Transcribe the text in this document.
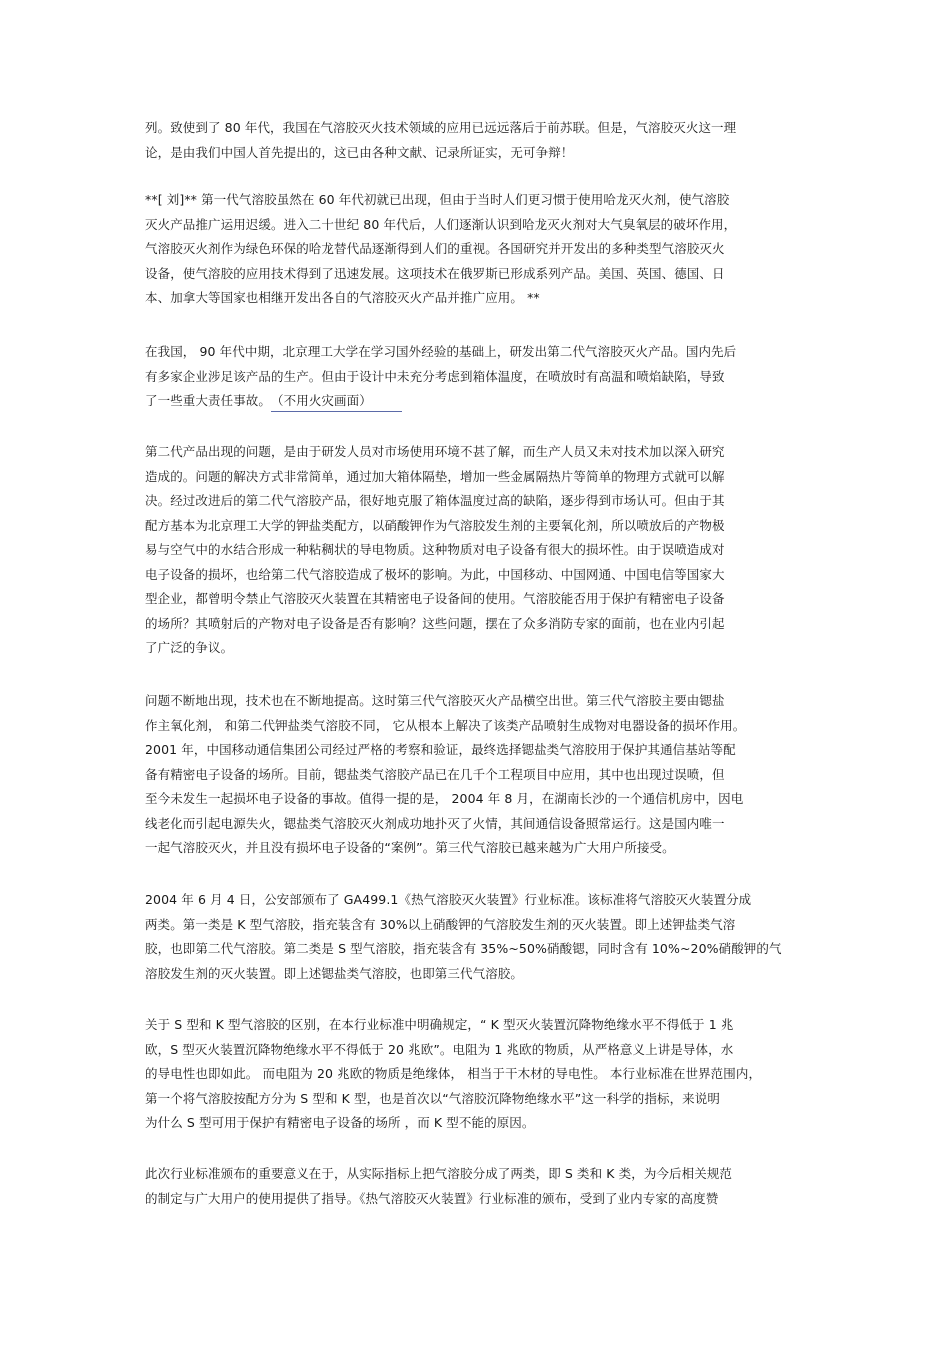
列。致使到了 80 年代，我国在气溶胶灭火技术领域的应用已远远落后于前苏联。但是，气溶胶灭火这一理
论，是由我们中国人首先提出的，这已由各种文献、记录所证实，无可争辩！
**[ 刘]** 第一代气溶胶虽然在 60 年代初就已出现，但由于当时人们更习惯于使用哈龙灭火剂，使气溶胶
灭火产品推广运用迟缓。进入二十世纪 80 年代后，人们逐渐认识到哈龙灭火剂对大气臭氧层的破坏作用，
气溶胶灭火剂作为绿色环保的哈龙替代品逐渐得到人们的重视。各国研究并开发出的多种类型气溶胶灭火
设备，使气溶胶的应用技术得到了迅速发展。这项技术在俄罗斯已形成系列产品。美国、英国、德国、日
本、加拿大等国家也相继开发出各自的气溶胶灭火产品并推广应用。 **
在我国， 90 年代中期，北京理工大学在学习国外经验的基础上，研发出第二代气溶胶灭火产品。国内先后
有多家企业涉足该产品的生产。但由于设计中未充分考虑到箱体温度，在喷放时有高温和喷焰缺陷，导致
了一些重大责任事故。（不用火灾画面）
第二代产品出现的问题，是由于研发人员对市场使用环境不甚了解，而生产人员又未对技术加以深入研究
造成的。问题的解决方式非常简单，通过加大箱体隔垫，增加一些金属隔热片等简单的物理方式就可以解
决。经过改进后的第二代气溶胶产品，很好地克服了箱体温度过高的缺陷，逐步得到市场认可。但由于其
配方基本为北京理工大学的钾盐类配方，以硝酸钾作为气溶胶发生剂的主要氧化剂，所以喷放后的产物极
易与空气中的水结合形成一种粘稠状的导电物质。这种物质对电子设备有很大的损坏性。由于误喷造成对
电子设备的损坏，也给第二代气溶胶造成了极坏的影响。为此，中国移动、中国网通、中国电信等国家大
型企业，都曾明令禁止气溶胶灭火装置在其精密电子设备间的使用。气溶胶能否用于保护有精密电子设备
的场所？其喷射后的产物对电子设备是否有影响？这些问题，摆在了众多消防专家的面前，也在业内引起
了广泛的争议。
问题不断地出现，技术也在不断地提高。这时第三代气溶胶灭火产品横空出世。第三代气溶胶主要由锶盐
作主氧化剂， 和第二代钾盐类气溶胶不同， 它从根本上解决了该类产品喷射生成物对电器设备的损坏作用。
2001 年，中国移动通信集团公司经过严格的考察和验证，最终选择锶盐类气溶胶用于保护其通信基站等配
备有精密电子设备的场所。目前，锶盐类气溶胶产品已在几千个工程项目中应用，其中也出现过误喷，但
至今未发生一起损坏电子设备的事故。值得一提的是， 2004 年 8 月，在湖南长沙的一个通信机房中，因电
线老化而引起电源失火，锶盐类气溶胶灭火剂成功地扑灭了火情，其间通信设备照常运行。这是国内唯一
一起气溶胶灭火，并且没有损坏电子设备的“案例”。第三代气溶胶已越来越为广大用户所接受。
2004 年 6 月 4 日，公安部颁布了 GA499.1《热气溶胶灭火装置》行业标准。该标准将气溶胶灭火装置分成
两类。第一类是 K 型气溶胶，指充装含有 30%以上硝酸钾的气溶胶发生剂的灭火装置。即上述钾盐类气溶
胶，也即第二代气溶胶。第二类是 S 型气溶胶，指充装含有 35%~50%硝酸锶，同时含有 10%~20%硝酸钾的气
溶胶发生剂的灭火装置。即上述锶盐类气溶胶，也即第三代气溶胶。
关于 S 型和 K 型气溶胶的区别，在本行业标准中明确规定，“ K 型灭火装置沉降物绝缘水平不得低于 1 兆
欧，S 型灭火装置沉降物绝缘水平不得低于 20 兆欧”。电阻为 1 兆欧的物质，从严格意义上讲是导体，水
的导电性也即如此。 而电阻为 20 兆欧的物质是绝缘体， 相当于干木材的导电性。 本行业标准在世界范围内，
第一个将气溶胶按配方分为 S 型和 K 型，也是首次以“气溶胶沉降物绝缘水平”这一科学的指标，来说明
为什么 S 型可用于保护有精密电子设备的场所 ，而 K 型不能的原因。
此次行业标准颁布的重要意义在于，从实际指标上把气溶胶分成了两类，即 S 类和 K 类，为今后相关规范
的制定与广大用户的使用提供了指导。《热气溶胶灭火装置》行业标准的颁布，受到了业内专家的高度赞
